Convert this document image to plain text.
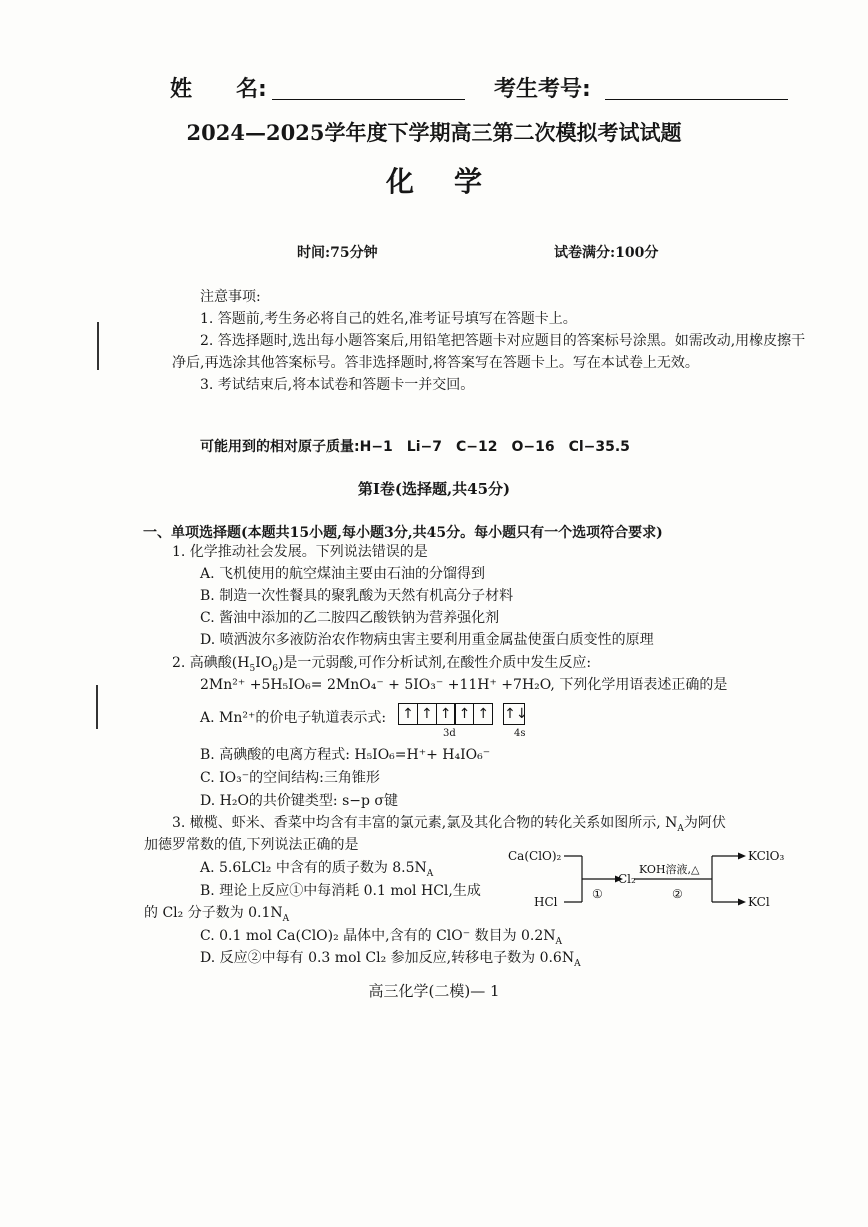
姓　　名:	考生考号:
2024—2025学年度下学期高三第二次模拟考试试题
化学
时间:75分钟	试卷满分:100分

注意事项:

1. 答题前,考生务必将自己的姓名,准考证号填写在答题卡上。

2. 答选择题时,选出每小题答案后,用铅笔把答题卡对应题目的答案标号涂黑。如需改动,用橡皮擦干净后,再选涂其他答案标号。答非选择题时,将答案写在答题卡上。写在本试卷上无效。

3. 考试结束后,将本试卷和答题卡一并交回。

可能用到的相对原子质量:H−1　Li−7　C−12　O−16　Cl−35.5
第Ⅰ卷(选择题,共45分)
一、单项选择题(本题共15小题,每小题3分,共45分。每小题只有一个选项符合要求)
1. 化学推动社会发展。下列说法错误的是
A. 飞机使用的航空煤油主要由石油的分馏得到
B. 制造一次性餐具的聚乳酸为天然有机高分子材料
C. 酱油中添加的乙二胺四乙酸铁钠为营养强化剂
D. 喷洒波尔多液防治农作物病虫害主要利用重金属盐使蛋白质变性的原理
2. 高碘酸$(H_5IO_6)$是一元弱酸,可作分析试剂,在酸性介质中发生反应:
2Mn²⁺ +5H₅IO₆= 2MnO₄⁻ + 5IO₃⁻ +11H⁺ +7H₂O, 下列化学用语表述正确的是
A. Mn²⁺的价电子轨道表示式: ↑ ↑ ↑ ↑ ↑
↑↓
3d	4s
B. 高碘酸的电离方程式: H₅IO₆=H⁺+ H₄IO₆⁻
C. IO₃⁻的空间结构:三角锥形
D. H₂O的共价键类型: s−p σ键
3. 橄榄、虾米、香菜中均含有丰富的氯元素,氯及其化合物的转化关系如图所示, $N_A$为阿伏
加德罗常数的值,下列说法正确的是
A. 5.6LCl₂ 中含有的质子数为 $8.5N_A$
B. 理论上反应①中每消耗 0.1 mol HCl,生成
的 Cl₂ 分子数为 $0.1N_A$
C. 0.1 mol Ca(ClO)₂ 晶体中,含有的 ClO⁻ 数目为 $0.2N_A$
D. 反应②中每有 0.3 mol Cl₂ 参加反应,转移电子数为 $0.6N_A$
Ca(ClO)₂
HCl
①
Cl₂
KOH溶液,△
②
KClO₃
KCl
高三化学(二模)— 1
